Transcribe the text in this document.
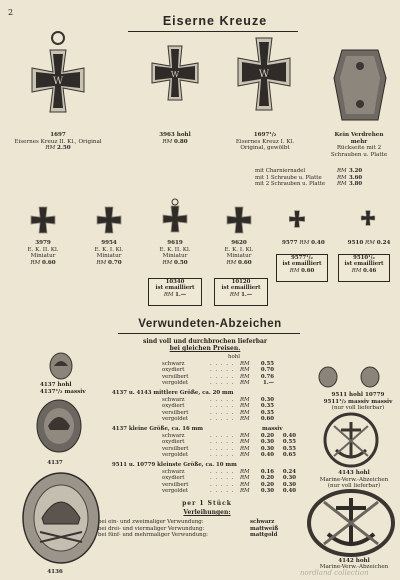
2
Eiserne Kreuze
W
W	W
1697
Eisernes Kreuz II. Kl., Original
RM 2.50
3963 hohl
RM 0.80
1697¹/₂
Eisernes Kreuz I. Kl.
Original, gewölbt
Kein Verdrehen
mehr
Rückseite mit 2 Schrauben u. Platte
mit Charniernadel	RM 3.20
mit 1 Schraube u. Platte	RM 3.60
mit 2 Schrauben u. Platte RM 3.80
3979
E. K. II. Kl.
Miniatur
RM 0.60
9954
E. K. I. Kl.
Miniatur
RM 0.70
9619
E. K. II. Kl.
Miniatur
RM 0.50
9620
E. K. I. Kl.
Miniatur
RM 0.60
9577 RM 0.40	9510 RM 0.24
9577¹/₂
ist emailliert
RM 0.60
9510¹/₂
ist emailliert
RM 0.46
10340
ist emailliert
RM 1.—
10120
ist emailliert
RM 1.—
Verwundeten-Abzeichen
sind voll und durchbrochen lieferbar
bei gleichen Preisen.
4137 hohl
4137¹/₂ massiv
4137
4136
hohl
schwarz	. . . . . RM 0.55
oxydiert	. . . . . RM 0.70
versilbert	. . . . . RM 0.76
vergoldet	. . . . . RM 1.—
4137 u. 4143 mittlere Größe, ca. 20 mm
schwarz	. . . . . RM 0.30
oxydiert	. . . . . RM 0.35
versilbert	. . . . . RM 0.35
vergoldet	. . . . . RM 0.60
4137 kleine Größe, ca. 16 mm	massiv
schwarz	. . . . . RM 0.20 0.40
oxydiert	. . . . . RM 0.30 0.55
versilbert	. . . . . RM 0.30 0.55
vergoldet	. . . . . RM 0.40 0.65
9511 u. 10779 kleinste Größe, ca. 10 mm
schwarz	. . . . . RM 0.16 0.24
oxydiert	. . . . . RM 0.20 0.30
versilbert	. . . . . RM 0.20 0.30
vergoldet	. . . . . RM 0.30 0.40
per 1 Stück
Verleihungen:
bei ein- und zweimaliger Verwundung:	schwarz
bei drei- und viermaliger Verwundung:	mattweiß
bei fünf- und mehrmaliger Verwundung:	mattgold
9511 hohl 10779
9511¹/₂ massiv massiv
(nur voll lieferbar)
4143 hohl
Marine-Verw.-Abzeichen
(nur voll lieferbar)
4142 hohl
Marine-Verw.-Abzeichen
nordland collection
